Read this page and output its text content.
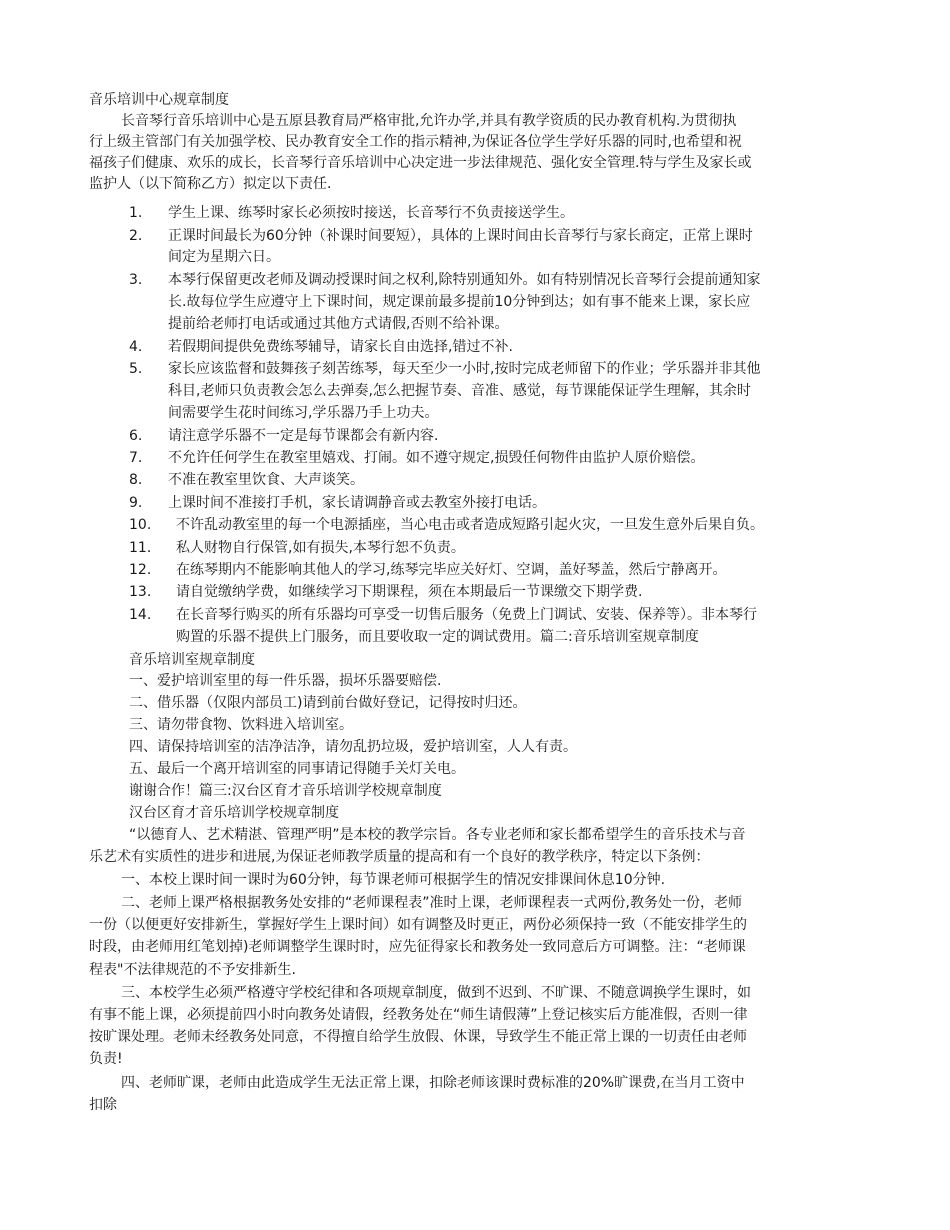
音乐培训中心规章制度
长音琴行音乐培训中心是五原县教育局严格审批,允许办学,并具有教学资质的民办教育机构.为贯彻执
行上级主管部门有关加强学校、民办教育安全工作的指示精神,为保证各位学生学好乐器的同时,也希望和祝
福孩子们健康、欢乐的成长，长音琴行音乐培训中心决定进一步法律规范、强化安全管理.特与学生及家长或
监护人（以下简称乙方）拟定以下责任.
1. 学生上课、练琴时家长必须按时接送，长音琴行不负责接送学生。
2. 正课时间最长为60分钟（补课时间要短），具体的上课时间由长音琴行与家长商定，正常上课时
间定为星期六日。
3. 本琴行保留更改老师及调动授课时间之权利,除特别通知外。如有特别情况长音琴行会提前通知家
长.故每位学生应遵守上下课时间，规定课前最多提前10分钟到达；如有事不能来上课，家长应
提前给老师打电话或通过其他方式请假,否则不给补课。
4. 若假期间提供免费练琴辅导，请家长自由选择,错过不补.
5. 家长应该监督和鼓舞孩子刻苦练琴，每天至少一小时,按时完成老师留下的作业；学乐器并非其他
科目,老师只负责教会怎么去弹奏,怎么把握节奏、音准、感觉，每节课能保证学生理解，其余时
间需要学生花时间练习,学乐器乃手上功夫。
6. 请注意学乐器不一定是每节课都会有新内容.
7. 不允许任何学生在教室里嬉戏、打闹。如不遵守规定,损毁任何物件由监护人原价赔偿。
8. 不准在教室里饮食、大声谈笑。
9. 上课时间不准接打手机，家长请调静音或去教室外接打电话。
10. 不许乱动教室里的每一个电源插座，当心电击或者造成短路引起火灾，一旦发生意外后果自负。
11. 私人财物自行保管,如有损失,本琴行恕不负责。
12. 在练琴期内不能影响其他人的学习,练琴完毕应关好灯、空调，盖好琴盖，然后宁静离开。
13. 请自觉缴纳学费，如继续学习下期课程，须在本期最后一节课缴交下期学费.
14. 在长音琴行购买的所有乐器均可享受一切售后服务（免费上门调试、安装、保养等）。非本琴行
购置的乐器不提供上门服务，而且要收取一定的调试费用。篇二:音乐培训室规章制度
音乐培训室规章制度
一、爱护培训室里的每一件乐器，损坏乐器要赔偿.
二、借乐器（仅限内部员工)请到前台做好登记，记得按时归还。
三、请勿带食物、饮料进入培训室。
四、请保持培训室的洁净洁净，请勿乱扔垃圾，爱护培训室，人人有责。
五、最后一个离开培训室的同事请记得随手关灯关电。
谢谢合作！篇三:汉台区育才音乐培训学校规章制度
汉台区育才音乐培训学校规章制度
“以德育人、艺术精湛、管理严明”是本校的教学宗旨。各专业老师和家长都希望学生的音乐技术与音
乐艺术有实质性的进步和进展,为保证老师教学质量的提高和有一个良好的教学秩序，特定以下条例：
一、本校上课时间一课时为60分钟，每节课老师可根据学生的情况安排课间休息10分钟.
二、老师上课严格根据教务处安排的“老师课程表”准时上课，老师课程表一式两份,教务处一份，老师
一份（以便更好安排新生，掌握好学生上课时间）如有调整及时更正，两份必须保持一致（不能安排学生的
时段，由老师用红笔划掉)老师调整学生课时时，应先征得家长和教务处一致同意后方可调整。注：“老师课
程表"不法律规范的不予安排新生.
三、本校学生必须严格遵守学校纪律和各项规章制度，做到不迟到、不旷课、不随意调换学生课时，如
有事不能上课，必须提前四小时向教务处请假，经教务处在“师生请假薄”上登记核实后方能准假，否则一律
按旷课处理。老师未经教务处同意，不得擅自给学生放假、休课，导致学生不能正常上课的一切责任由老师
负责!
四、老师旷课，老师由此造成学生无法正常上课，扣除老师该课时费标准的20%旷课费,在当月工资中
扣除
